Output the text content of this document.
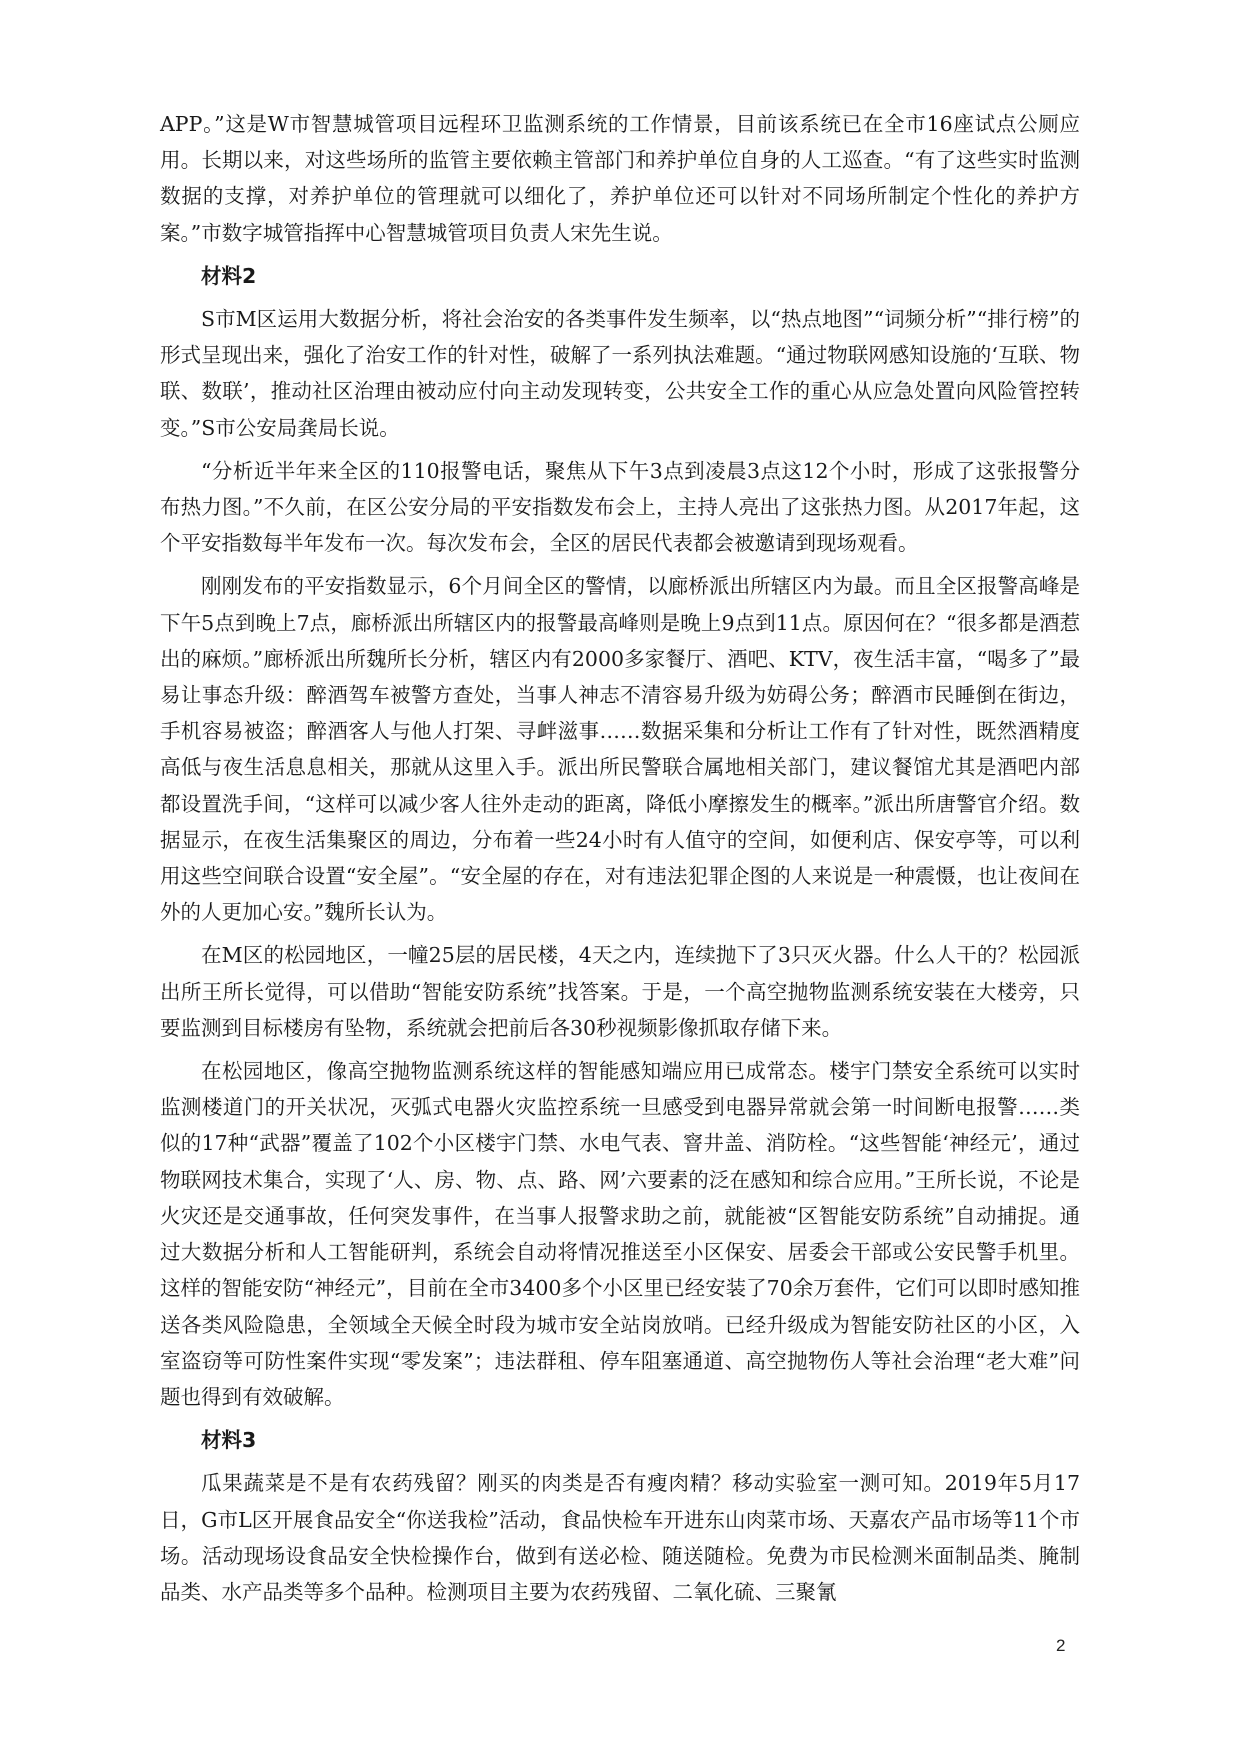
APP。”这是W市智慧城管项目远程环卫监测系统的工作情景，目前该系统已在全市16座试点公厕应用。长期以来，对这些场所的监管主要依赖主管部门和养护单位自身的人工巡查。“有了这些实时监测数据的支撑，对养护单位的管理就可以细化了，养护单位还可以针对不同场所制定个性化的养护方案。”市数字城管指挥中心智慧城管项目负责人宋先生说。

材料2

S市M区运用大数据分析，将社会治安的各类事件发生频率，以“热点地图”“词频分析”“排行榜”的形式呈现出来，强化了治安工作的针对性，破解了一系列执法难题。“通过物联网感知设施的‘互联、物联、数联’，推动社区治理由被动应付向主动发现转变，公共安全工作的重心从应急处置向风险管控转变。”S市公安局龚局长说。

“分析近半年来全区的110报警电话，聚焦从下午3点到凌晨3点这12个小时，形成了这张报警分布热力图。”不久前，在区公安分局的平安指数发布会上，主持人亮出了这张热力图。从2017年起，这个平安指数每半年发布一次。每次发布会，全区的居民代表都会被邀请到现场观看。

刚刚发布的平安指数显示，6个月间全区的警情，以廊桥派出所辖区内为最。而且全区报警高峰是下午5点到晚上7点，廊桥派出所辖区内的报警最高峰则是晚上9点到11点。原因何在？“很多都是酒惹出的麻烦。”廊桥派出所魏所长分析，辖区内有2000多家餐厅、酒吧、KTV，夜生活丰富，“喝多了”最易让事态升级：醉酒驾车被警方查处，当事人神志不清容易升级为妨碍公务；醉酒市民睡倒在街边，手机容易被盗；醉酒客人与他人打架、寻衅滋事……数据采集和分析让工作有了针对性，既然酒精度高低与夜生活息息相关，那就从这里入手。派出所民警联合属地相关部门，建议餐馆尤其是酒吧内部都设置洗手间，“这样可以减少客人往外走动的距离，降低小摩擦发生的概率。”派出所唐警官介绍。数据显示，在夜生活集聚区的周边，分布着一些24小时有人值守的空间，如便利店、保安亭等，可以利用这些空间联合设置“安全屋”。“安全屋的存在，对有违法犯罪企图的人来说是一种震慑，也让夜间在外的人更加心安。”魏所长认为。

在M区的松园地区，一幢25层的居民楼，4天之内，连续抛下了3只灭火器。什么人干的？松园派出所王所长觉得，可以借助“智能安防系统”找答案。于是，一个高空抛物监测系统安装在大楼旁，只要监测到目标楼房有坠物，系统就会把前后各30秒视频影像抓取存储下来。

在松园地区，像高空抛物监测系统这样的智能感知端应用已成常态。楼宇门禁安全系统可以实时监测楼道门的开关状况，灭弧式电器火灾监控系统一旦感受到电器异常就会第一时间断电报警……类似的17种“武器”覆盖了102个小区楼宇门禁、水电气表、窨井盖、消防栓。“这些智能‘神经元’，通过物联网技术集合，实现了‘人、房、物、点、路、网’六要素的泛在感知和综合应用。”王所长说，不论是火灾还是交通事故，任何突发事件，在当事人报警求助之前，就能被“区智能安防系统”自动捕捉。通过大数据分析和人工智能研判，系统会自动将情况推送至小区保安、居委会干部或公安民警手机里。这样的智能安防“神经元”，目前在全市3400多个小区里已经安装了70余万套件，它们可以即时感知推送各类风险隐患，全领域全天候全时段为城市安全站岗放哨。已经升级成为智能安防社区的小区，入室盗窃等可防性案件实现“零发案”；违法群租、停车阻塞通道、高空抛物伤人等社会治理“老大难”问题也得到有效破解。

材料3

瓜果蔬菜是不是有农药残留？刚买的肉类是否有瘦肉精？移动实验室一测可知。2019年5月17日，G市L区开展食品安全“你送我检”活动，食品快检车开进东山肉菜市场、天嘉农产品市场等11个市场。活动现场设食品安全快检操作台，做到有送必检、随送随检。免费为市民检测米面制品类、腌制品类、水产品类等多个品种。检测项目主要为农药残留、二氧化硫、三聚氰

2
